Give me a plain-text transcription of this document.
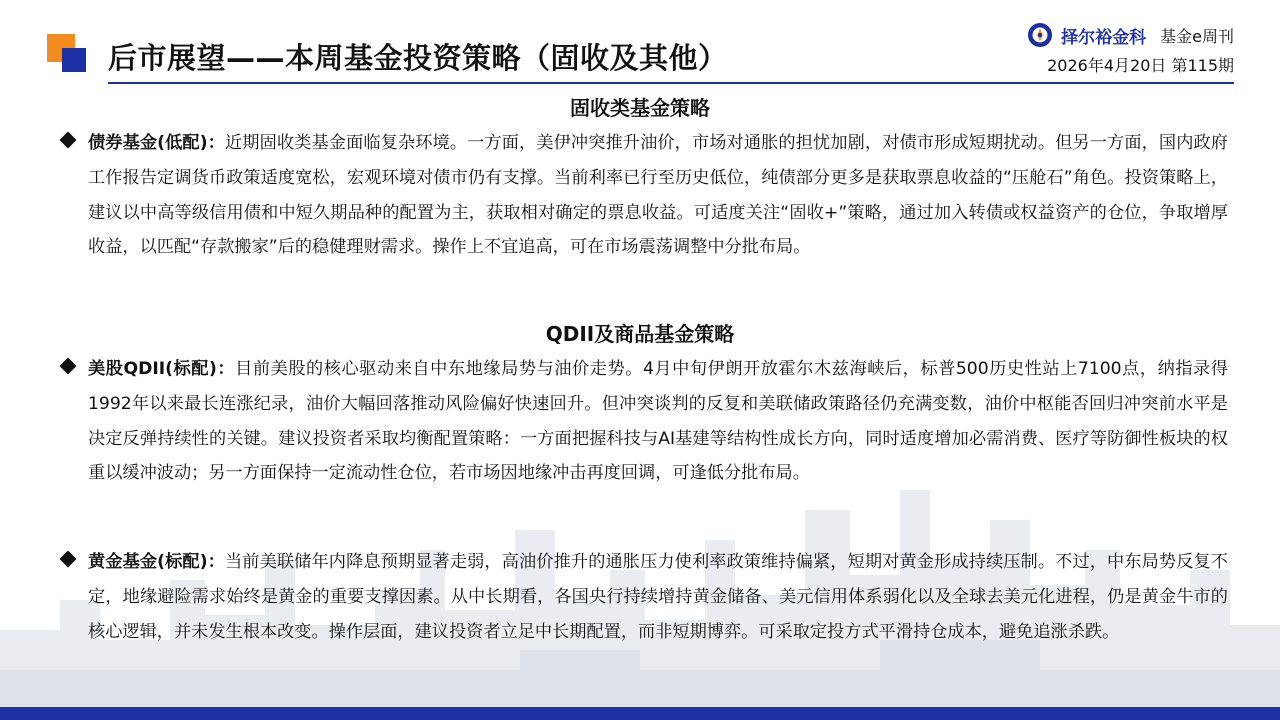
后市展望——本周基金投资策略（固收及其他）
择尔裕金科 基金e周刊
2026年4月20日 第115期
固收类基金策略

债券基金(低配)：近期固收类基金面临复杂环境。一方面，美伊冲突推升油价，市场对通胀的担忧加剧，对债市形成短期扰动。但另一方面，国内政府工作报告定调货币政策适度宽松，宏观环境对债市仍有支撑。当前利率已行至历史低位，纯债部分更多是获取票息收益的“压舱石”角色。投资策略上，建议以中高等级信用债和中短久期品种的配置为主，获取相对确定的票息收益。可适度关注“固收+”策略，通过加入转债或权益资产的仓位，争取增厚收益，以匹配“存款搬家”后的稳健理财需求。操作上不宜追高，可在市场震荡调整中分批布局。

QDII及商品基金策略

美股QDII(标配)：目前美股的核心驱动来自中东地缘局势与油价走势。4月中旬伊朗开放霍尔木兹海峡后，标普500历史性站上7100点，纳指录得1992年以来最长连涨纪录，油价大幅回落推动风险偏好快速回升。但冲突谈判的反复和美联储政策路径仍充满变数，油价中枢能否回归冲突前水平是决定反弹持续性的关键。建议投资者采取均衡配置策略：一方面把握科技与AI基建等结构性成长方向，同时适度增加必需消费、医疗等防御性板块的权重以缓冲波动；另一方面保持一定流动性仓位，若市场因地缘冲击再度回调，可逢低分批布局。

黄金基金(标配)：当前美联储年内降息预期显著走弱，高油价推升的通胀压力使利率政策维持偏紧，短期对黄金形成持续压制。不过，中东局势反复不定，地缘避险需求始终是黄金的重要支撑因素。从中长期看，各国央行持续增持黄金储备、美元信用体系弱化以及全球去美元化进程，仍是黄金牛市的核心逻辑，并未发生根本改变。操作层面，建议投资者立足中长期配置，而非短期博弈。可采取定投方式平滑持仓成本，避免追涨杀跌。
